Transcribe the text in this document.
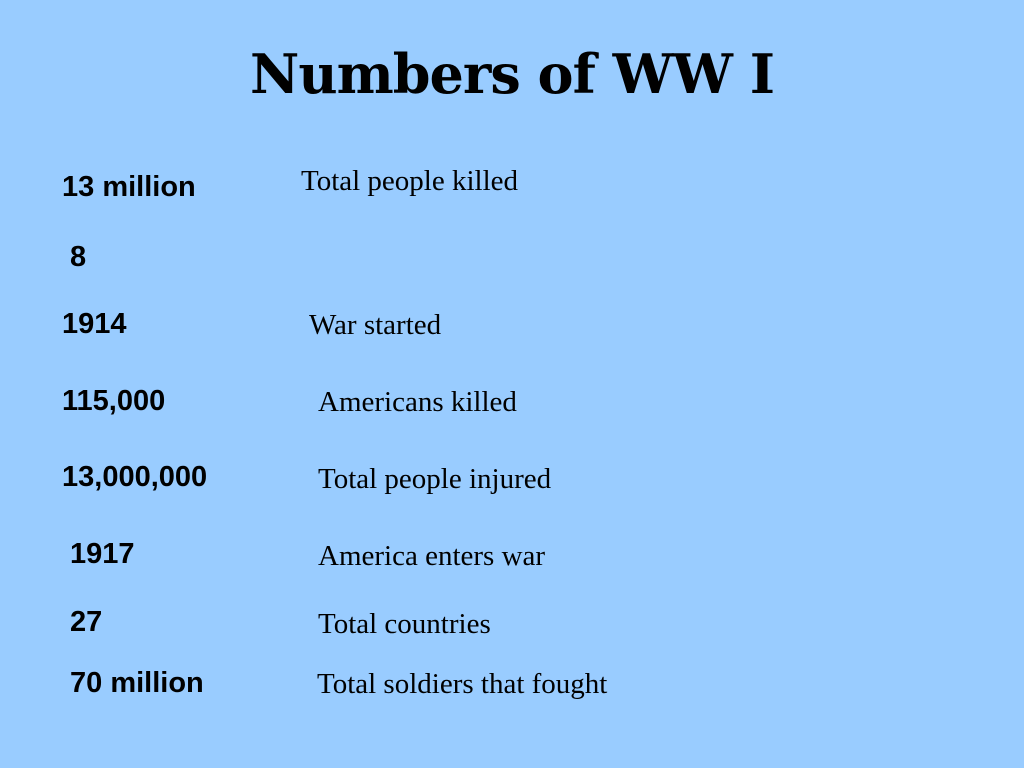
Numbers of WW I
13 million	Total people killed
8
1914	War started
115,000	Americans killed
13,000,000	Total people injured
1917	America enters war
27	Total countries
70 million	Total soldiers that fought
